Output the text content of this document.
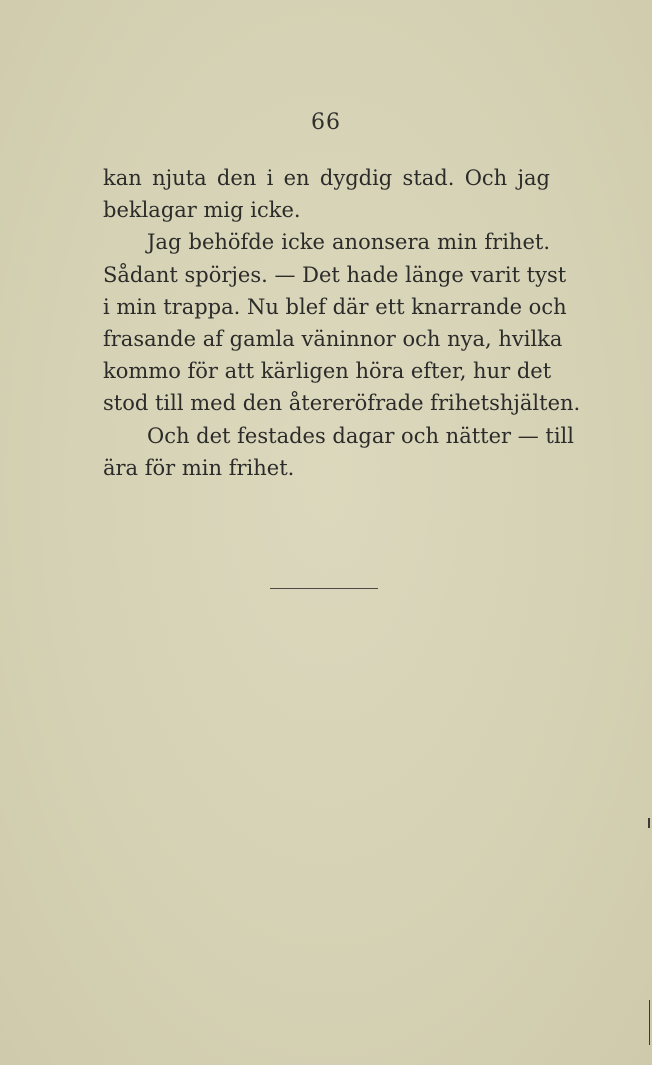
66
kan njuta den i en dygdig stad. Och jag
beklagar mig icke.
Jag behöfde icke anonsera min frihet.
Sådant spörjes. — Det hade länge varit tyst
i min trappa. Nu blef där ett knarrande och
frasande af gamla väninnor och nya, hvilka
kommo för att kärligen höra efter, hur det
stod till med den återeröfrade frihetshjälten.
Och det festades dagar och nätter — till
ära för min frihet.
